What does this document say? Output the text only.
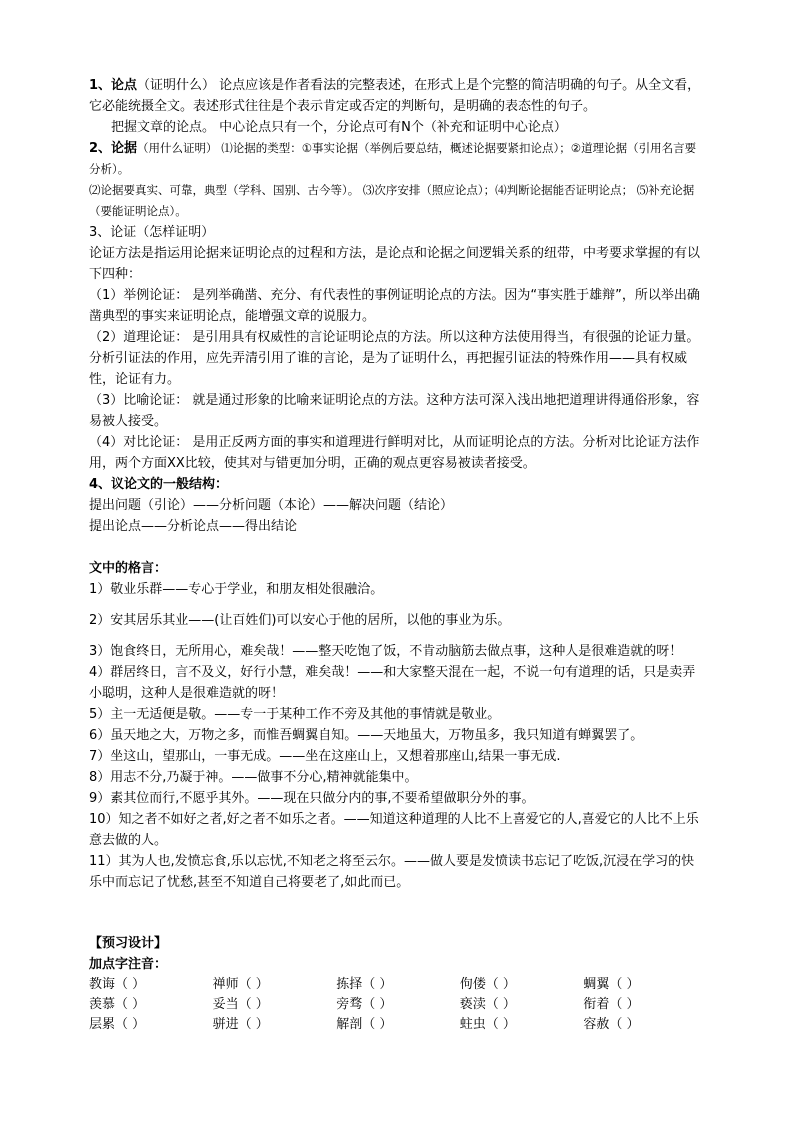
1、论点（证明什么） 论点应该是作者看法的完整表述，在形式上是个完整的简洁明确的句子。从全文看，它必能统摄全文。表述形式往往是个表示肯定或否定的判断句，是明确的表态性的句子。

把握文章的论点。 中心论点只有一个，分论点可有N个（补充和证明中心论点）

2、论据（用什么证明） ⑴论据的类型：①事实论据（举例后要总结，概述论据要紧扣论点）；②道理论据（引用名言要分析）。

⑵论据要真实、可靠，典型（学科、国别、古今等）。 ⑶次序安排（照应论点）；⑷判断论据能否证明论点； ⑸补充论据（要能证明论点）。

3、论证（怎样证明）

论证方法是指运用论据来证明论点的过程和方法，是论点和论据之间逻辑关系的纽带，中考要求掌握的有以下四种：

（1）举例论证： 是列举确凿、充分、有代表性的事例证明论点的方法。因为“事实胜于雄辩”，所以举出确凿典型的事实来证明论点，能增强文章的说服力。

（2）道理论证： 是引用具有权威性的言论证明论点的方法。所以这种方法使用得当，有很强的论证力量。分析引证法的作用，应先弄清引用了谁的言论，是为了证明什么，再把握引证法的特殊作用——具有权威性，论证有力。

（3）比喻论证： 就是通过形象的比喻来证明论点的方法。这种方法可深入浅出地把道理讲得通俗形象，容易被人接受。

（4）对比论证： 是用正反两方面的事实和道理进行鲜明对比，从而证明论点的方法。分析对比论证方法作用，两个方面XX比较，使其对与错更加分明，正确的观点更容易被读者接受。

4、议论文的一般结构：

提出问题（引论）——分析问题（本论）——解决问题（结论）

提出论点——分析论点——得出结论

文中的格言：

1）敬业乐群——专心于学业，和朋友相处很融洽。

2）安其居乐其业——(让百姓们)可以安心于他的居所，以他的事业为乐。

3）饱食终日，无所用心，难矣哉！——整天吃饱了饭，不肯动脑筋去做点事，这种人是很难造就的呀！

4）群居终日，言不及义，好行小慧，难矣哉！——和大家整天混在一起，不说一句有道理的话，只是卖弄小聪明，这种人是很难造就的呀！

5）主一无适便是敬。——专一于某种工作不旁及其他的事情就是敬业。

6）虽天地之大，万物之多，而惟吾蜩翼自知。——天地虽大，万物虽多，我只知道有蝉翼罢了。

7）坐这山，望那山，一事无成。——坐在这座山上，又想着那座山,结果一事无成.

8）用志不分,乃凝于神。——做事不分心,精神就能集中。

9）素其位而行,不愿乎其外。——现在只做分内的事,不要希望做职分外的事。

10）知之者不如好之者,好之者不如乐之者。——知道这种道理的人比不上喜爱它的人,喜爱它的人比不上乐意去做的人。

11）其为人也,发愤忘食,乐以忘忧,不知老之将至云尔。——做人要是发愤读书忘记了吃饭,沉浸在学习的快乐中而忘记了忧愁,甚至不知道自己将要老了,如此而已。

【预习设计】

加点字注音：

教诲（ ）	禅师（ ）	拣择（ ）	佝偻（ ）	蜩翼（ ）
羡慕（ ）	妥当（ ）	旁骛（ ）	亵渎（ ）	衔着（ ）
层累（ ）	骈进（ ）	解剖（ ）	蛀虫（ ）	容赦（ ）
